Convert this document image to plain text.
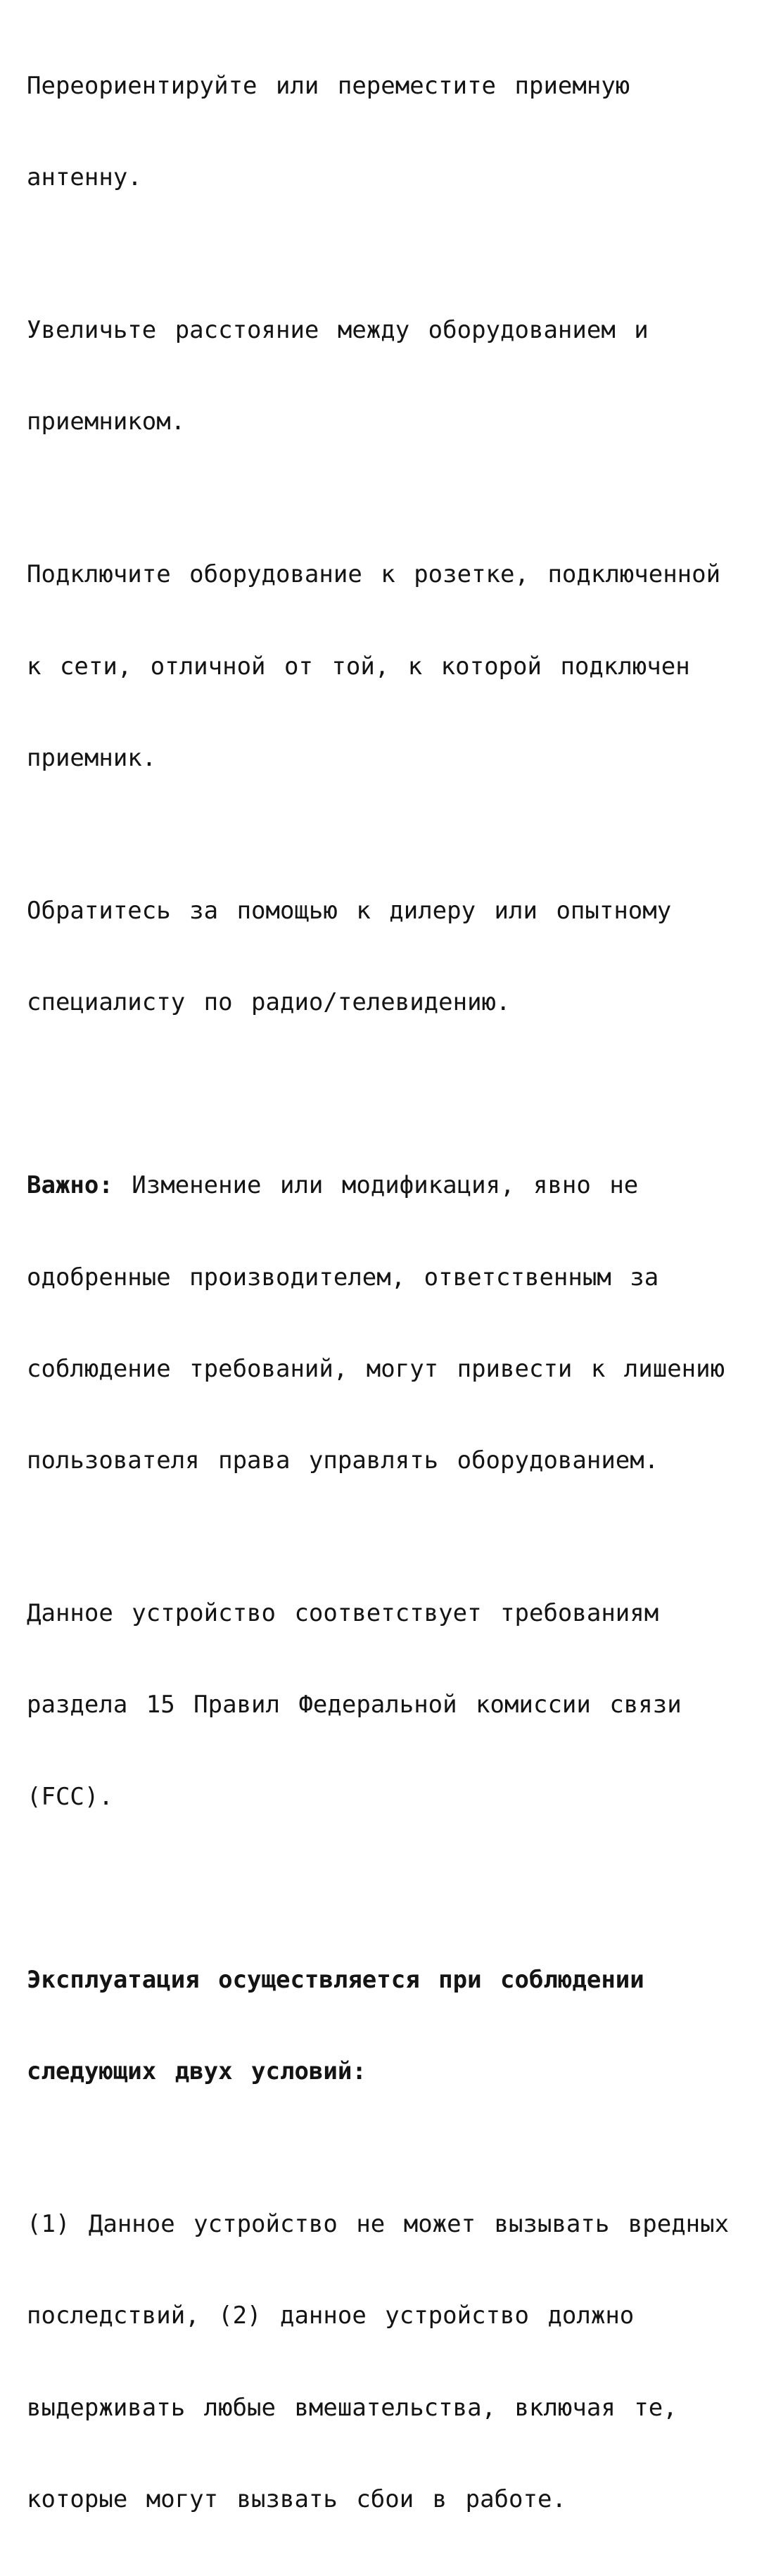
Переориентируйте или переместите приемную

антенну.

Увеличьте расстояние между оборудованием и

приемником.

Подключите оборудование к розетке, подключенной

к сети, отличной от той, к которой подключен

приемник.

Обратитесь за помощью к дилеру или опытному

специалисту по радио/телевидению.

Важно: Изменение или модификация, явно не

одобренные производителем, ответственным за

соблюдение требований, могут привести к лишению

пользователя права управлять оборудованием.

Данное устройство соответствует требованиям

раздела 15 Правил Федеральной комиссии связи

(FCC).

Эксплуатация осуществляется при соблюдении

следующих двух условий:

(1) Данное устройство не может вызывать вредных

последствий, (2) данное устройство должно

выдерживать любые вмешательства, включая те,

которые могут вызвать сбои в работе.
